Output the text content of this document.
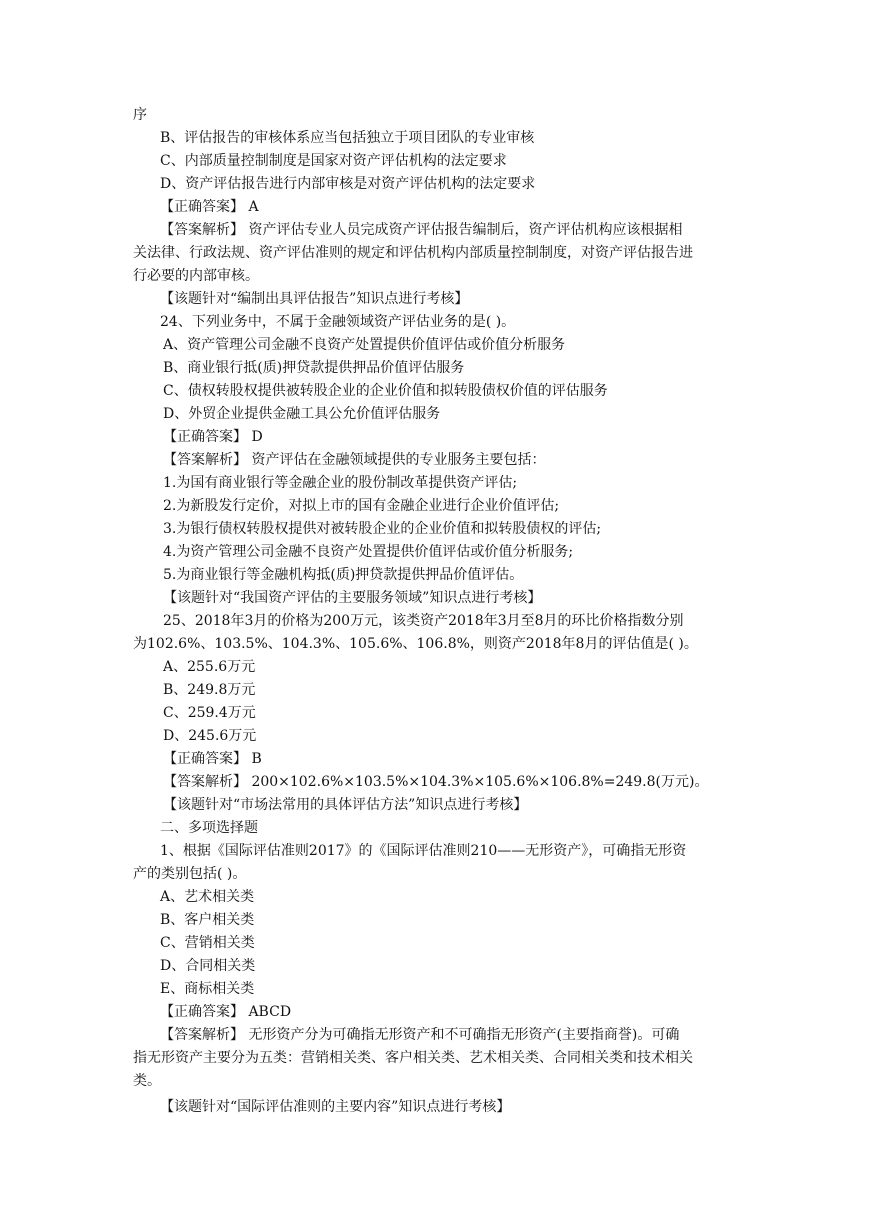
序
B、评估报告的审核体系应当包括独立于项目团队的专业审核
C、内部质量控制制度是国家对资产评估机构的法定要求
D、资产评估报告进行内部审核是对资产评估机构的法定要求
【正确答案】 A
【答案解析】 资产评估专业人员完成资产评估报告编制后，资产评估机构应该根据相
关法律、行政法规、资产评估准则的规定和评估机构内部质量控制制度，对资产评估报告进
行必要的内部审核。
【该题针对“编制出具评估报告”知识点进行考核】
24、下列业务中，不属于金融领域资产评估业务的是( )。
A、资产管理公司金融不良资产处置提供价值评估或价值分析服务
B、商业银行抵(质)押贷款提供押品价值评估服务
C、债权转股权提供被转股企业的企业价值和拟转股债权价值的评估服务
D、外贸企业提供金融工具公允价值评估服务
【正确答案】 D
【答案解析】 资产评估在金融领域提供的专业服务主要包括：
1.为国有商业银行等金融企业的股份制改革提供资产评估;
2.为新股发行定价，对拟上市的国有金融企业进行企业价值评估;
3.为银行债权转股权提供对被转股企业的企业价值和拟转股债权的评估;
4.为资产管理公司金融不良资产处置提供价值评估或价值分析服务;
5.为商业银行等金融机构抵(质)押贷款提供押品价值评估。
【该题针对“我国资产评估的主要服务领域”知识点进行考核】
25、2018年3月的价格为200万元，该类资产2018年3月至8月的环比价格指数分别
为102.6%、103.5%、104.3%、105.6%、106.8%，则资产2018年8月的评估值是( )。
A、255.6万元
B、249.8万元
C、259.4万元
D、245.6万元
【正确答案】 B
【答案解析】 200×102.6%×103.5%×104.3%×105.6%×106.8%=249.8(万元)。
【该题针对“市场法常用的具体评估方法”知识点进行考核】
二、多项选择题
1、根据《国际评估准则2017》的《国际评估准则210——无形资产》，可确指无形资
产的类别包括( )。
A、艺术相关类
B、客户相关类
C、营销相关类
D、合同相关类
E、商标相关类
【正确答案】 ABCD
【答案解析】 无形资产分为可确指无形资产和不可确指无形资产(主要指商誉)。可确
指无形资产主要分为五类：营销相关类、客户相关类、艺术相关类、合同相关类和技术相关
类。
【该题针对“国际评估准则的主要内容”知识点进行考核】
